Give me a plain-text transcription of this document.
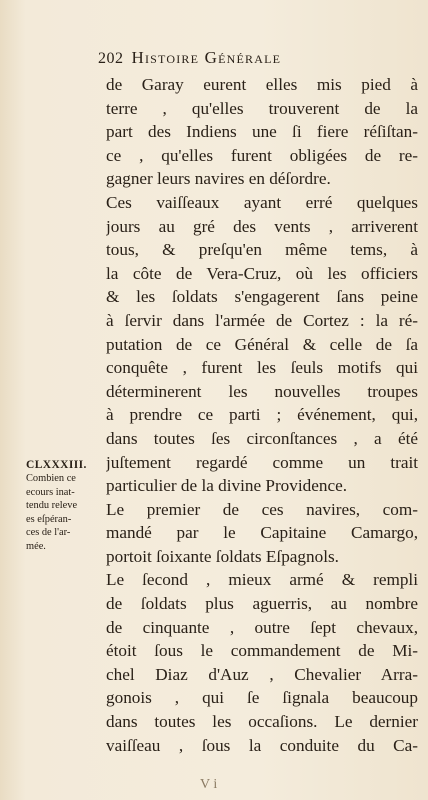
202 Histoire Générale
de Garay eurent elles mis pied à
terre , qu'elles trouverent de la
part des Indiens une ſi fiere réſiſtan-
ce , qu'elles furent obligées de re-
gagner leurs navires en déſordre.
Ces vaiſſeaux ayant erré quelques
jours au gré des vents , arriverent
tous, & preſqu'en même tems, à
la côte de Vera-Cruz, où les officiers
& les ſoldats s'engagerent ſans peine
à ſervir dans l'armée de Cortez : la ré-
putation de ce Général & celle de ſa
conquête , furent les ſeuls motifs qui
déterminerent les nouvelles troupes
à prendre ce parti ; événement, qui,
dans toutes ſes circonſtances , a été
juſtement regardé comme un trait
particulier de la divine Providence.
Le premier de ces navires, com-
mandé par le Capitaine Camargo,
portoit ſoixante ſoldats Eſpagnols.
Le ſecond , mieux armé & rempli
de ſoldats plus aguerris, au nombre
de cinquante , outre ſept chevaux,
étoit ſous le commandement de Mi-
chel Diaz d'Auz , Chevalier Arra-
gonois , qui ſe ſignala beaucoup
dans toutes les occaſions. Le dernier
vaiſſeau , ſous la conduite du Ca-
CLXXXIII.
Combien ce
ecours inat-
tendu releve
es eſpéran-
ces de l'ar-
mée.
V i
